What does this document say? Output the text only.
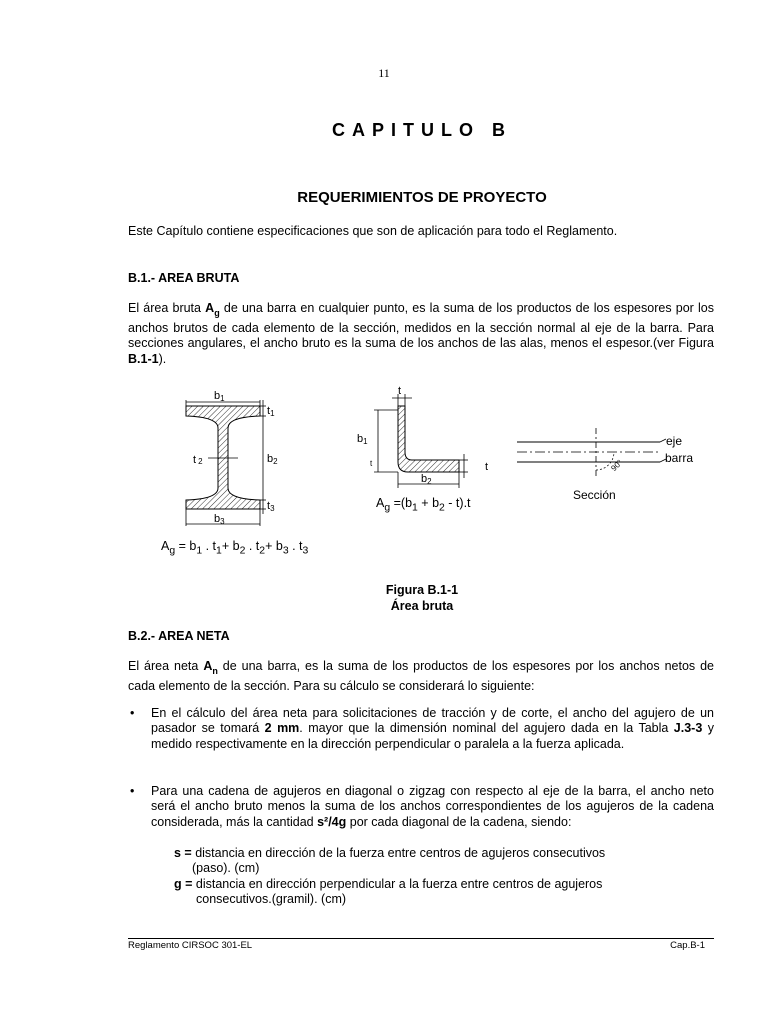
11
CAPITULO B
REQUERIMIENTOS DE PROYECTO
Este Capítulo contiene especificaciones que son de aplicación para todo el Reglamento.
B.1.- AREA BRUTA
El área bruta $A_g$ de una barra en cualquier punto, es la suma de los productos de los espesores por los anchos brutos de cada elemento de la sección, medidos en la sección normal al eje de la barra. Para secciones angulares, el ancho bruto es la suma de los anchos de las alas, menos el espesor.(ver Figura B.1-1).
b1
t1
b2
t3
t 2
b3
t
b1
t	t
b2
90°
eje
barra
Sección
$A_g = b_1$ . $t_1+ b_2$ . $t_2+ b_3$ . $t_3$
$A_g =(b_1 + b_2 - t).t$
Figura B.1-1
Área bruta
B.2.- AREA NETA
El área neta $A_n$ de una barra, es la suma de los productos de los espesores por los anchos netos de cada elemento de la sección. Para su cálculo se considerará lo siguiente:
• En el cálculo del área neta para solicitaciones de tracción y de corte, el ancho del agujero de un pasador se tomará 2 mm. mayor que la dimensión nominal del agujero dada en la Tabla J.3-3 y medido respectivamente en la dirección perpendicular o paralela a la fuerza aplicada.
• Para una cadena de agujeros en diagonal o zigzag con respecto al eje de la barra, el ancho neto será el ancho bruto menos la suma de los anchos correspondientes de los agujeros de la cadena considerada, más la cantidad s²/4g por cada diagonal de la cadena, siendo:
s = distancia en dirección de la fuerza entre centros de agujeros consecutivos
(paso). (cm)
g = distancia en dirección perpendicular a la fuerza entre centros de agujeros
consecutivos.(gramil). (cm)
Reglamento CIRSOC 301-EL	Cap.B-1
